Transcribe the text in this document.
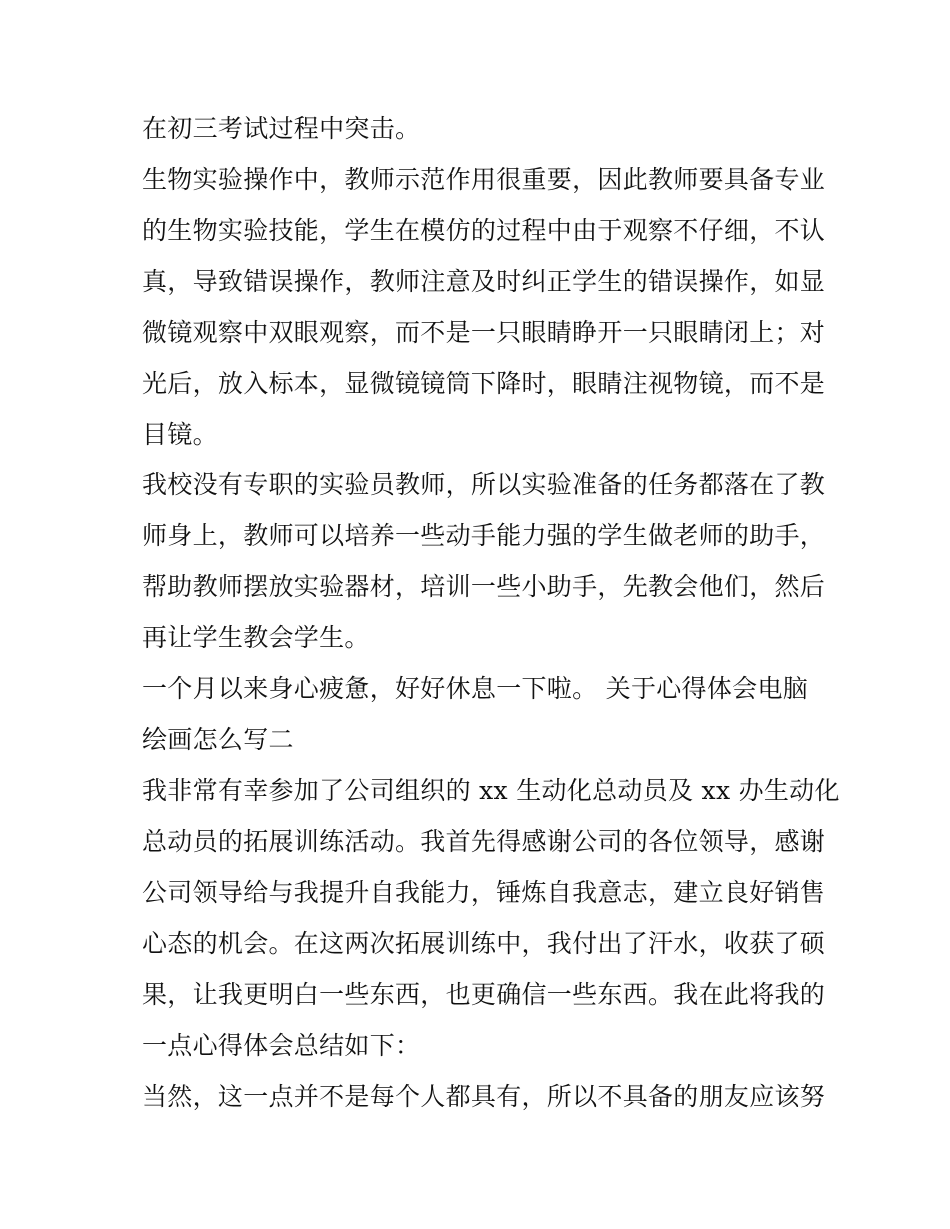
在初三考试过程中突击。

生物实验操作中，教师示范作用很重要，因此教师要具备专业

的生物实验技能，学生在模仿的过程中由于观察不仔细，不认

真，导致错误操作，教师注意及时纠正学生的错误操作，如显

微镜观察中双眼观察，而不是一只眼睛睁开一只眼睛闭上；对

光后，放入标本，显微镜镜筒下降时，眼睛注视物镜，而不是

目镜。

我校没有专职的实验员教师，所以实验准备的任务都落在了教

师身上，教师可以培养一些动手能力强的学生做老师的助手，

帮助教师摆放实验器材，培训一些小助手，先教会他们，然后

再让学生教会学生。

一个月以来身心疲惫，好好休息一下啦。 关于心得体会电脑

绘画怎么写二

我非常有幸参加了公司组织的 xx 生动化总动员及 xx 办生动化

总动员的拓展训练活动。我首先得感谢公司的各位领导，感谢

公司领导给与我提升自我能力，锤炼自我意志，建立良好销售

心态的机会。在这两次拓展训练中，我付出了汗水，收获了硕

果，让我更明白一些东西，也更确信一些东西。我在此将我的

一点心得体会总结如下：

当然，这一点并不是每个人都具有，所以不具备的朋友应该努
